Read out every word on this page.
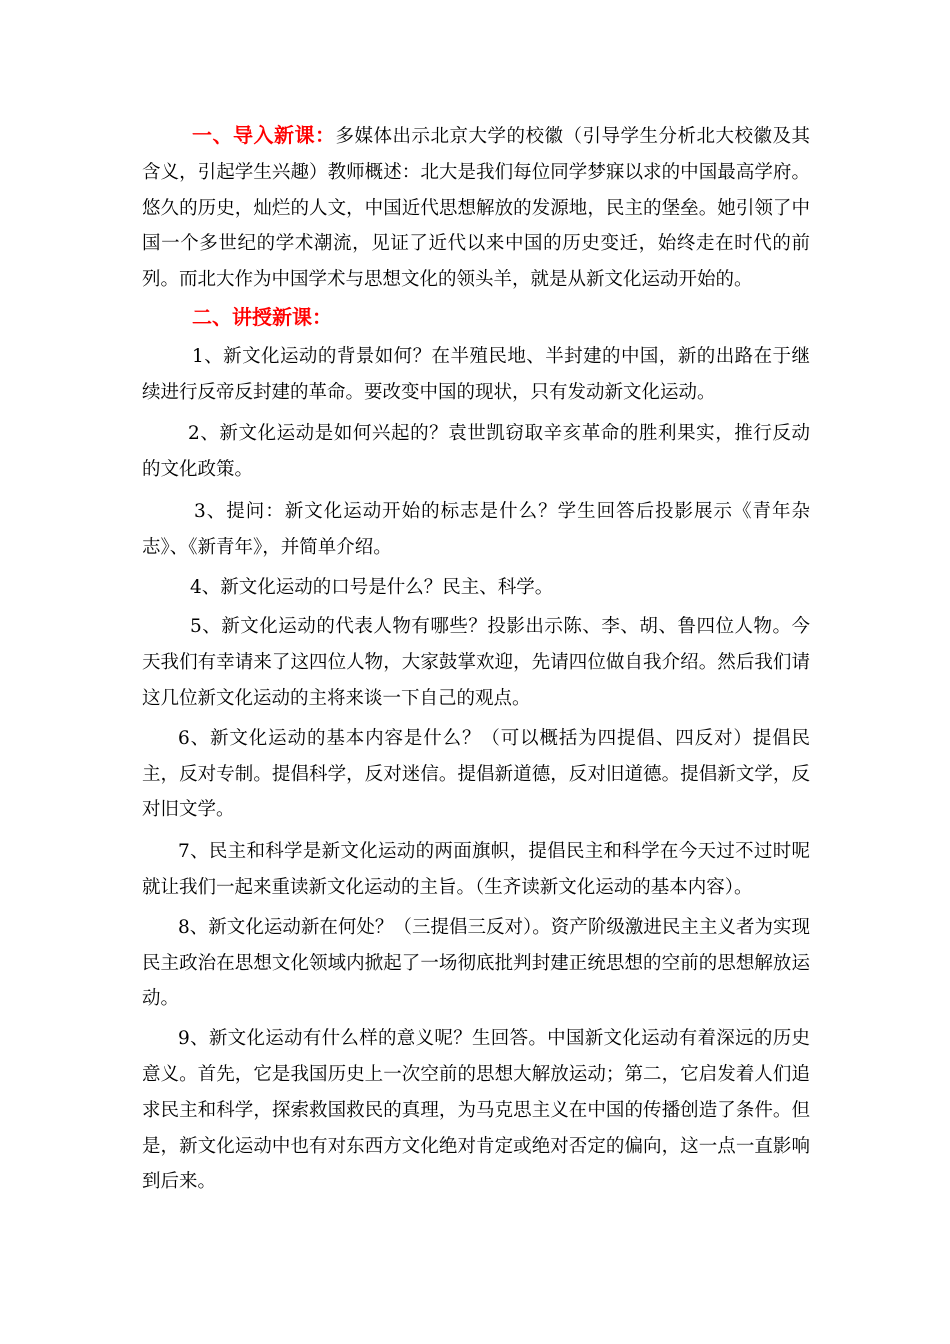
一、导入新课：多媒体出示北京大学的校徽（引导学生分析北大校徽及其含义，引起学生兴趣）教师概述：北大是我们每位同学梦寐以求的中国最高学府。悠久的历史，灿烂的人文，中国近代思想解放的发源地，民主的堡垒。她引领了中国一个多世纪的学术潮流，见证了近代以来中国的历史变迁，始终走在时代的前列。而北大作为中国学术与思想文化的领头羊，就是从新文化运动开始的。

二、讲授新课：

1、新文化运动的背景如何？在半殖民地、半封建的中国，新的出路在于继续进行反帝反封建的革命。要改变中国的现状，只有发动新文化运动。

2、新文化运动是如何兴起的？袁世凯窃取辛亥革命的胜利果实，推行反动的文化政策。

3、提问：新文化运动开始的标志是什么？学生回答后投影展示《青年杂志》、《新青年》，并简单介绍。

4、新文化运动的口号是什么？民主、科学。

5、新文化运动的代表人物有哪些？投影出示陈、李、胡、鲁四位人物。今天我们有幸请来了这四位人物，大家鼓掌欢迎，先请四位做自我介绍。然后我们请这几位新文化运动的主将来谈一下自己的观点。

6、新文化运动的基本内容是什么？（可以概括为四提倡、四反对）提倡民主，反对专制。提倡科学，反对迷信。提倡新道德，反对旧道德。提倡新文学，反对旧文学。

7、民主和科学是新文化运动的两面旗帜，提倡民主和科学在今天过不过时呢就让我们一起来重读新文化运动的主旨。（生齐读新文化运动的基本内容）。

8、新文化运动新在何处？（三提倡三反对）。资产阶级激进民主主义者为实现民主政治在思想文化领域内掀起了一场彻底批判封建正统思想的空前的思想解放运动。

9、新文化运动有什么样的意义呢？生回答。中国新文化运动有着深远的历史意义。首先，它是我国历史上一次空前的思想大解放运动；第二，它启发着人们追求民主和科学，探索救国救民的真理，为马克思主义在中国的传播创造了条件。但是，新文化运动中也有对东西方文化绝对肯定或绝对否定的偏向，这一点一直影响到后来。
